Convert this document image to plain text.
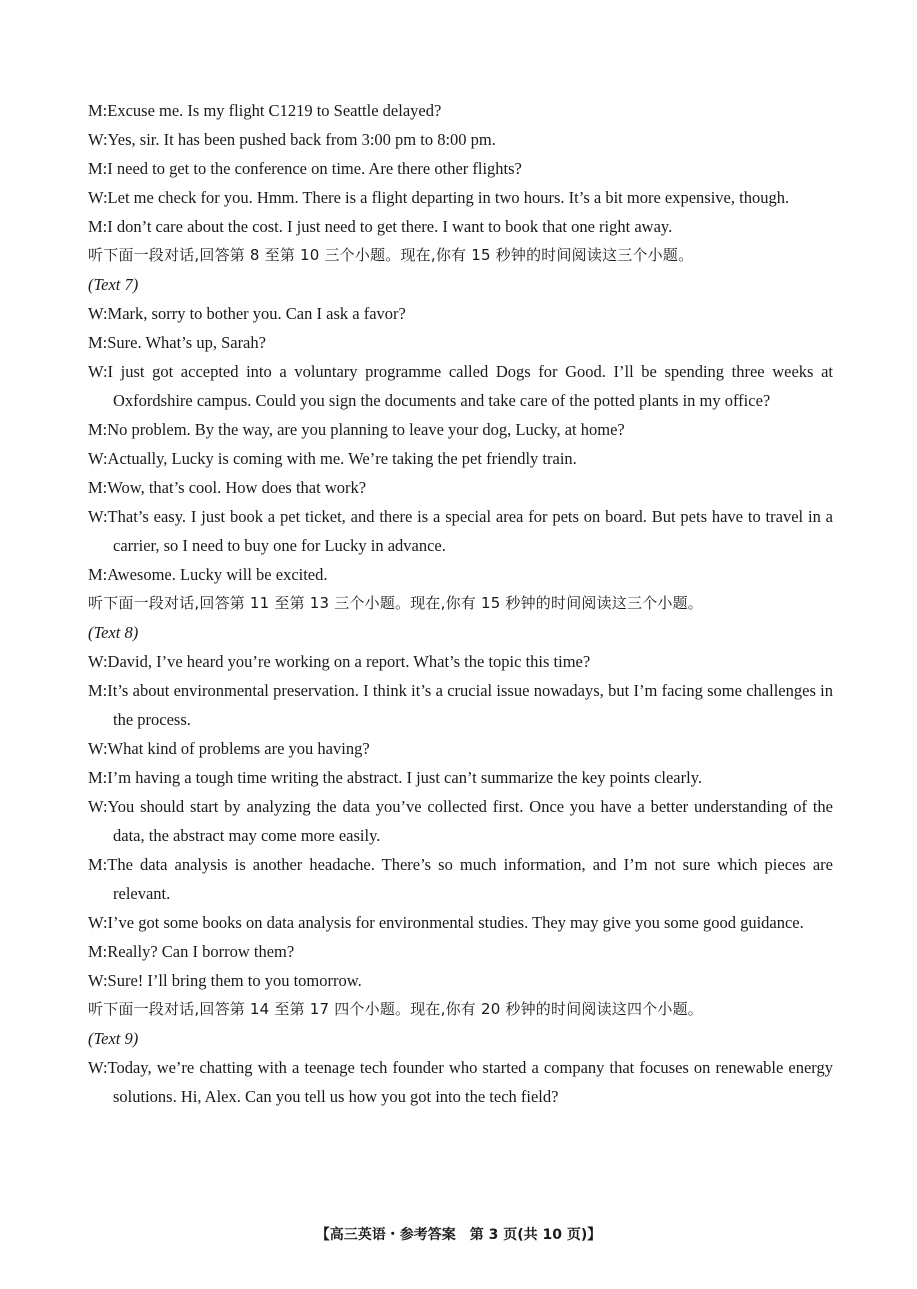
M:Excuse me. Is my flight C1219 to Seattle delayed?
W:Yes, sir. It has been pushed back from 3:00 pm to 8:00 pm.
M:I need to get to the conference on time. Are there other flights?
W:Let me check for you. Hmm. There is a flight departing in two hours. It’s a bit more expensive, though.
M:I don’t care about the cost. I just need to get there. I want to book that one right away.
听下面一段对话,回答第 8 至第 10 三个小题。现在,你有 15 秒钟的时间阅读这三个小题。
(Text 7)
W:Mark, sorry to bother you. Can I ask a favor?
M:Sure. What’s up, Sarah?
W:I just got accepted into a voluntary programme called Dogs for Good. I’ll be spending three weeks at Oxfordshire campus. Could you sign the documents and take care of the potted plants in my office?
M:No problem. By the way, are you planning to leave your dog, Lucky, at home?
W:Actually, Lucky is coming with me. We’re taking the pet friendly train.
M:Wow, that’s cool. How does that work?
W:That’s easy. I just book a pet ticket, and there is a special area for pets on board. But pets have to travel in a carrier, so I need to buy one for Lucky in advance.
M:Awesome. Lucky will be excited.
听下面一段对话,回答第 11 至第 13 三个小题。现在,你有 15 秒钟的时间阅读这三个小题。
(Text 8)
W:David, I’ve heard you’re working on a report. What’s the topic this time?
M:It’s about environmental preservation. I think it’s a crucial issue nowadays, but I’m facing some challenges in the process.
W:What kind of problems are you having?
M:I’m having a tough time writing the abstract. I just can’t summarize the key points clearly.
W:You should start by analyzing the data you’ve collected first. Once you have a better understanding of the data, the abstract may come more easily.
M:The data analysis is another headache. There’s so much information, and I’m not sure which pieces are relevant.
W:I’ve got some books on data analysis for environmental studies. They may give you some good guidance.
M:Really? Can I borrow them?
W:Sure! I’ll bring them to you tomorrow.
听下面一段对话,回答第 14 至第 17 四个小题。现在,你有 20 秒钟的时间阅读这四个小题。
(Text 9)
W:Today, we’re chatting with a teenage tech founder who started a company that focuses on renewable energy solutions. Hi, Alex. Can you tell us how you got into the tech field?
【高三英语・参考答案　第 3 页(共 10 页)】
